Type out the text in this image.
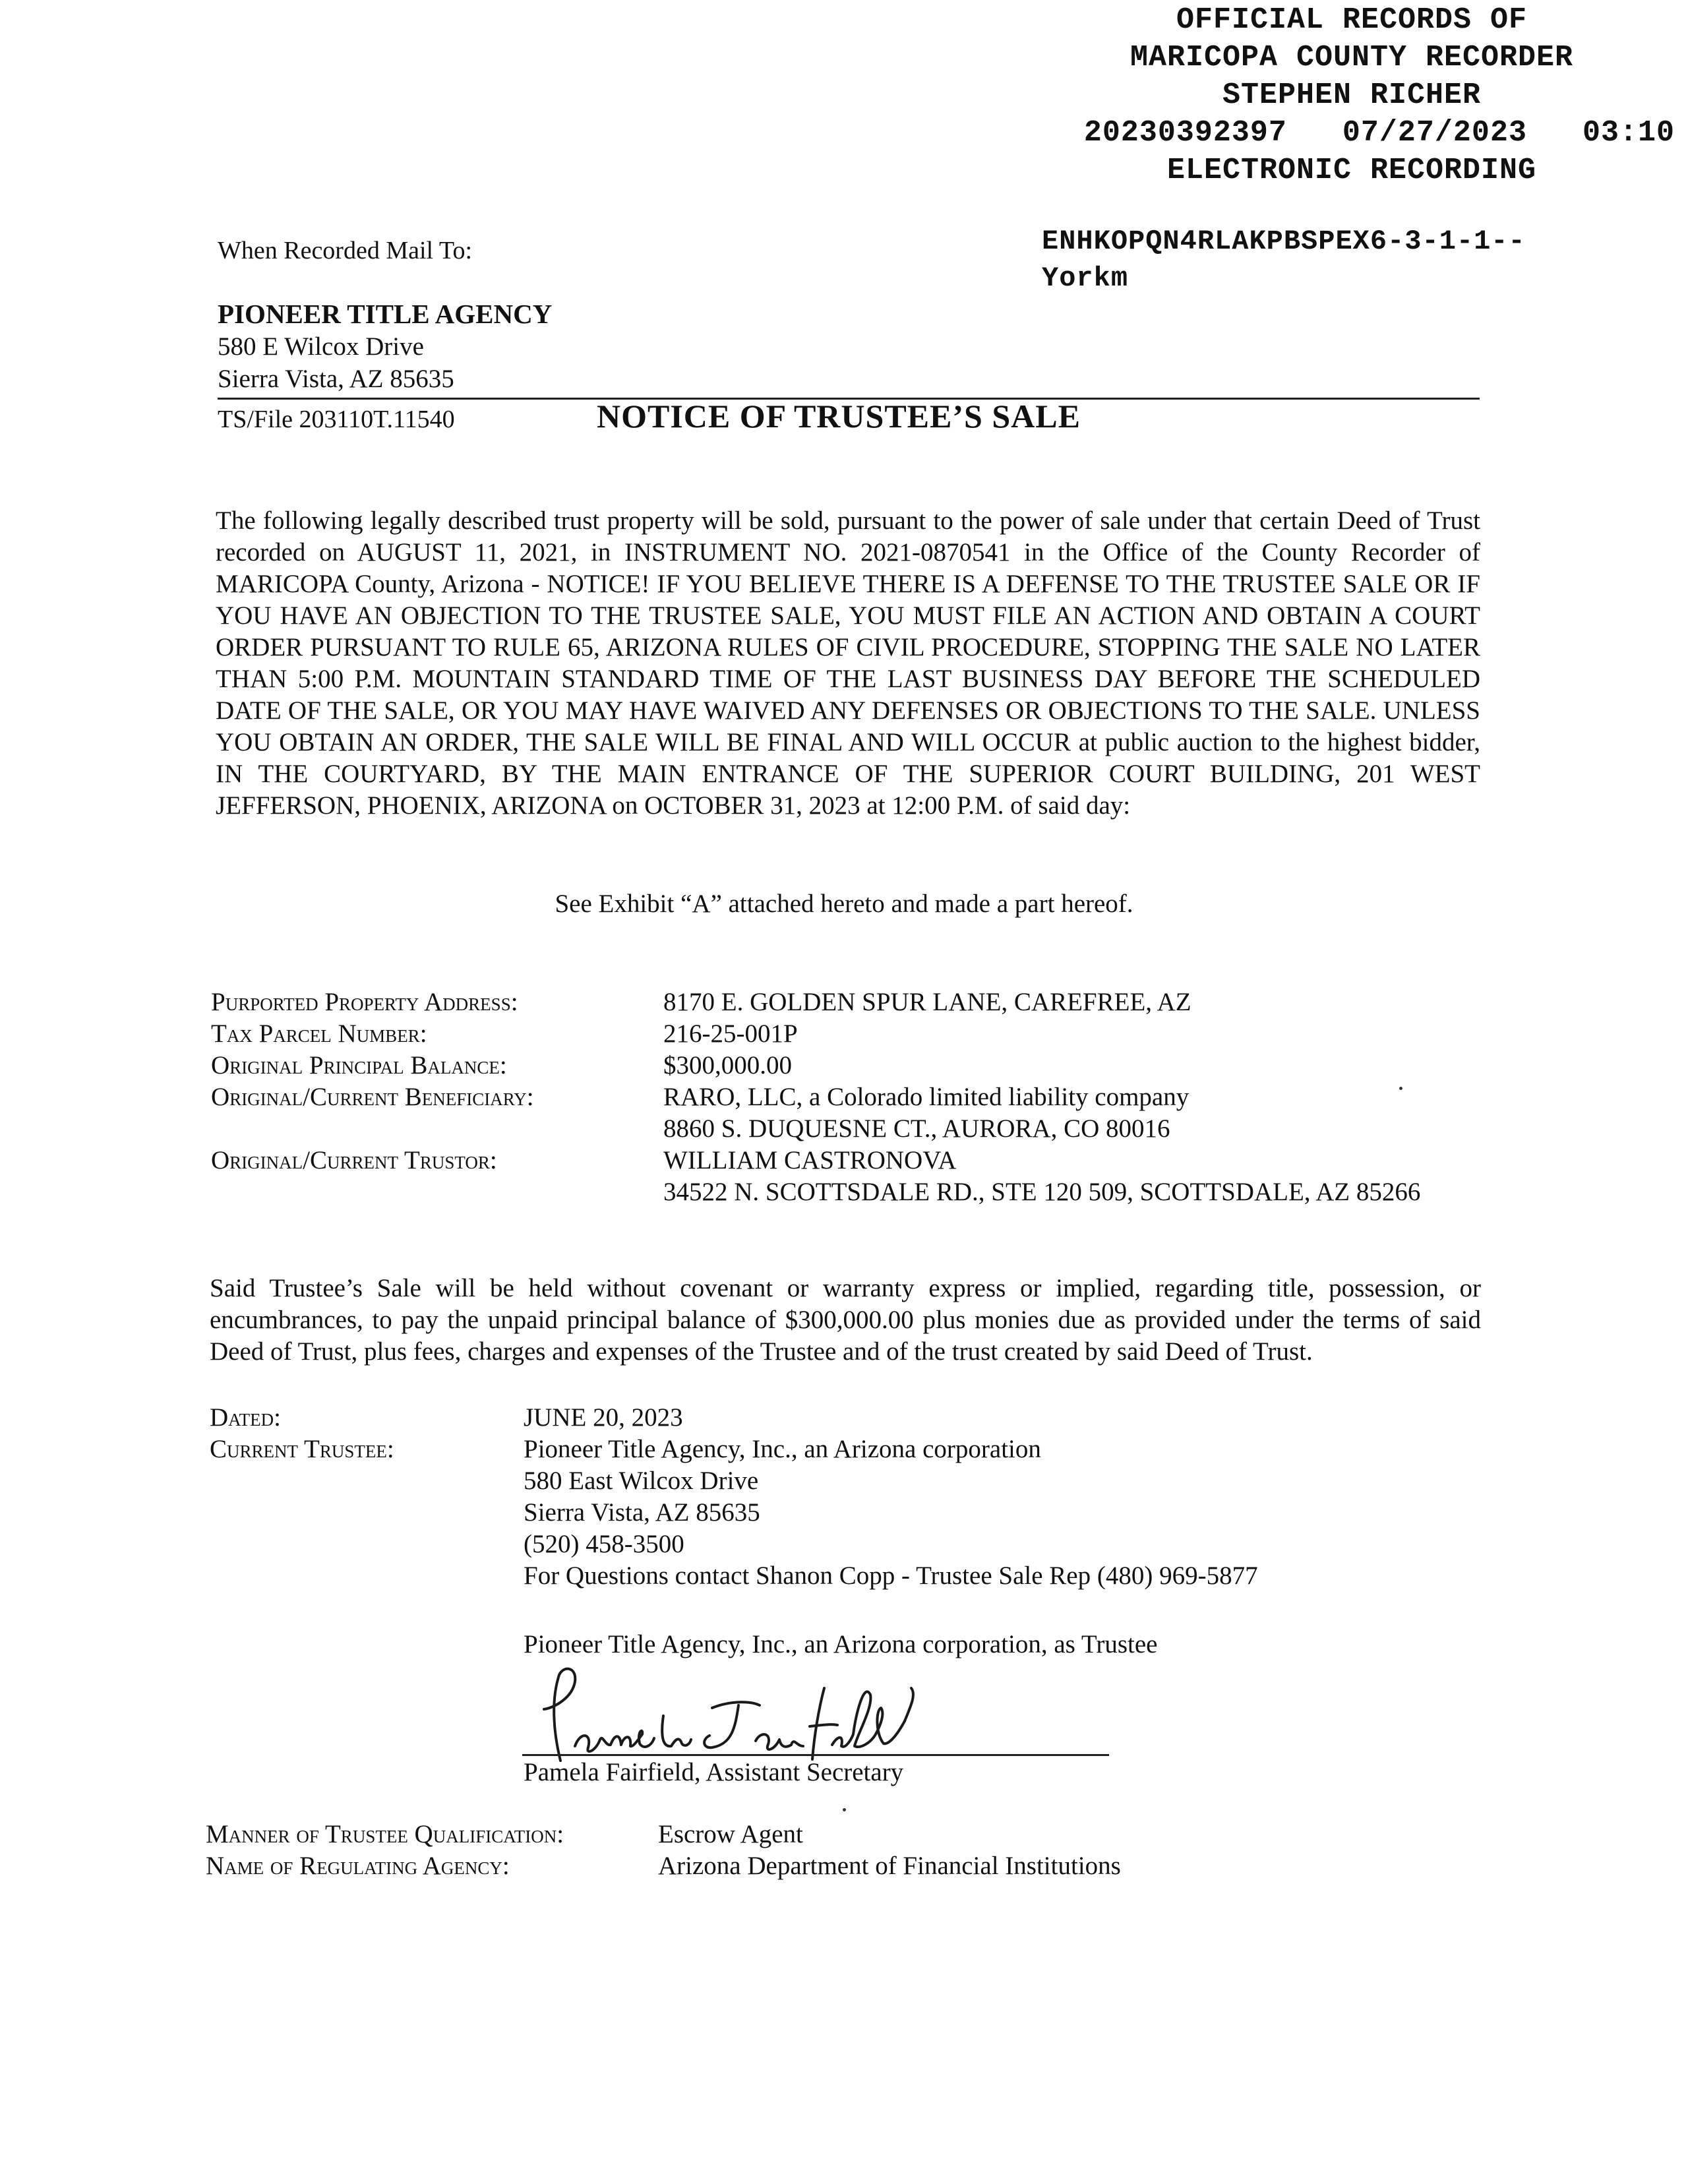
OFFICIAL RECORDS OF
MARICOPA COUNTY RECORDER
STEPHEN RICHER
20230392397 07/27/2023 03:10
ELECTRONIC RECORDING
ENHKOPQN4RLAKPBSPEX6-3-1-1--
Yorkm
When Recorded Mail To:
PIONEER TITLE AGENCY
580 E Wilcox Drive
Sierra Vista, AZ 85635
TS/File 203110T.11540	NOTICE OF TRUSTEE’S SALE
The following legally described trust property will be sold, pursuant to the power of sale under that certain Deed of Trust recorded on AUGUST 11, 2021, in INSTRUMENT NO. 2021-0870541 in the Office of the County Recorder of MARICOPA County, Arizona - NOTICE! IF YOU BELIEVE THERE IS A DEFENSE TO THE TRUSTEE SALE OR IF YOU HAVE AN OBJECTION TO THE TRUSTEE SALE, YOU MUST FILE AN ACTION AND OBTAIN A COURT ORDER PURSUANT TO RULE 65, ARIZONA RULES OF CIVIL PROCEDURE, STOPPING THE SALE NO LATER THAN 5:00 P.M. MOUNTAIN STANDARD TIME OF THE LAST BUSINESS DAY BEFORE THE SCHEDULED DATE OF THE SALE, OR YOU MAY HAVE WAIVED ANY DEFENSES OR OBJECTIONS TO THE SALE. UNLESS YOU OBTAIN AN ORDER, THE SALE WILL BE FINAL AND WILL OCCUR at public auction to the highest bidder, IN THE COURTYARD, BY THE MAIN ENTRANCE OF THE SUPERIOR COURT BUILDING, 201 WEST JEFFERSON, PHOENIX, ARIZONA on OCTOBER 31, 2023 at 12:00 P.M. of said day:
See Exhibit “A” attached hereto and made a part hereof.
Purported Property Address:	8170 E. GOLDEN SPUR LANE, CAREFREE, AZ
Tax Parcel Number:	216-25-001P
Original Principal Balance:	$300,000.00
Original/Current Beneficiary:	RARO, LLC, a Colorado limited liability company
8860 S. DUQUESNE CT., AURORA, CO 80016
Original/Current Trustor:	WILLIAM CASTRONOVA
34522 N. SCOTTSDALE RD., STE 120 509, SCOTTSDALE, AZ 85266
Said Trustee’s Sale will be held without covenant or warranty express or implied, regarding title, possession, or encumbrances, to pay the unpaid principal balance of $300,000.00 plus monies due as provided under the terms of said Deed of Trust, plus fees, charges and expenses of the Trustee and of the trust created by said Deed of Trust.
Dated:	JUNE 20, 2023
Current Trustee:	Pioneer Title Agency, Inc., an Arizona corporation
580 East Wilcox Drive
Sierra Vista, AZ 85635
(520) 458-3500
For Questions contact Shanon Copp - Trustee Sale Rep (480) 969-5877
Pioneer Title Agency, Inc., an Arizona corporation, as Trustee
Pamela Fairfield, Assistant Secretary
Manner of Trustee Qualification:	Escrow Agent
Name of Regulating Agency:	Arizona Department of Financial Institutions
